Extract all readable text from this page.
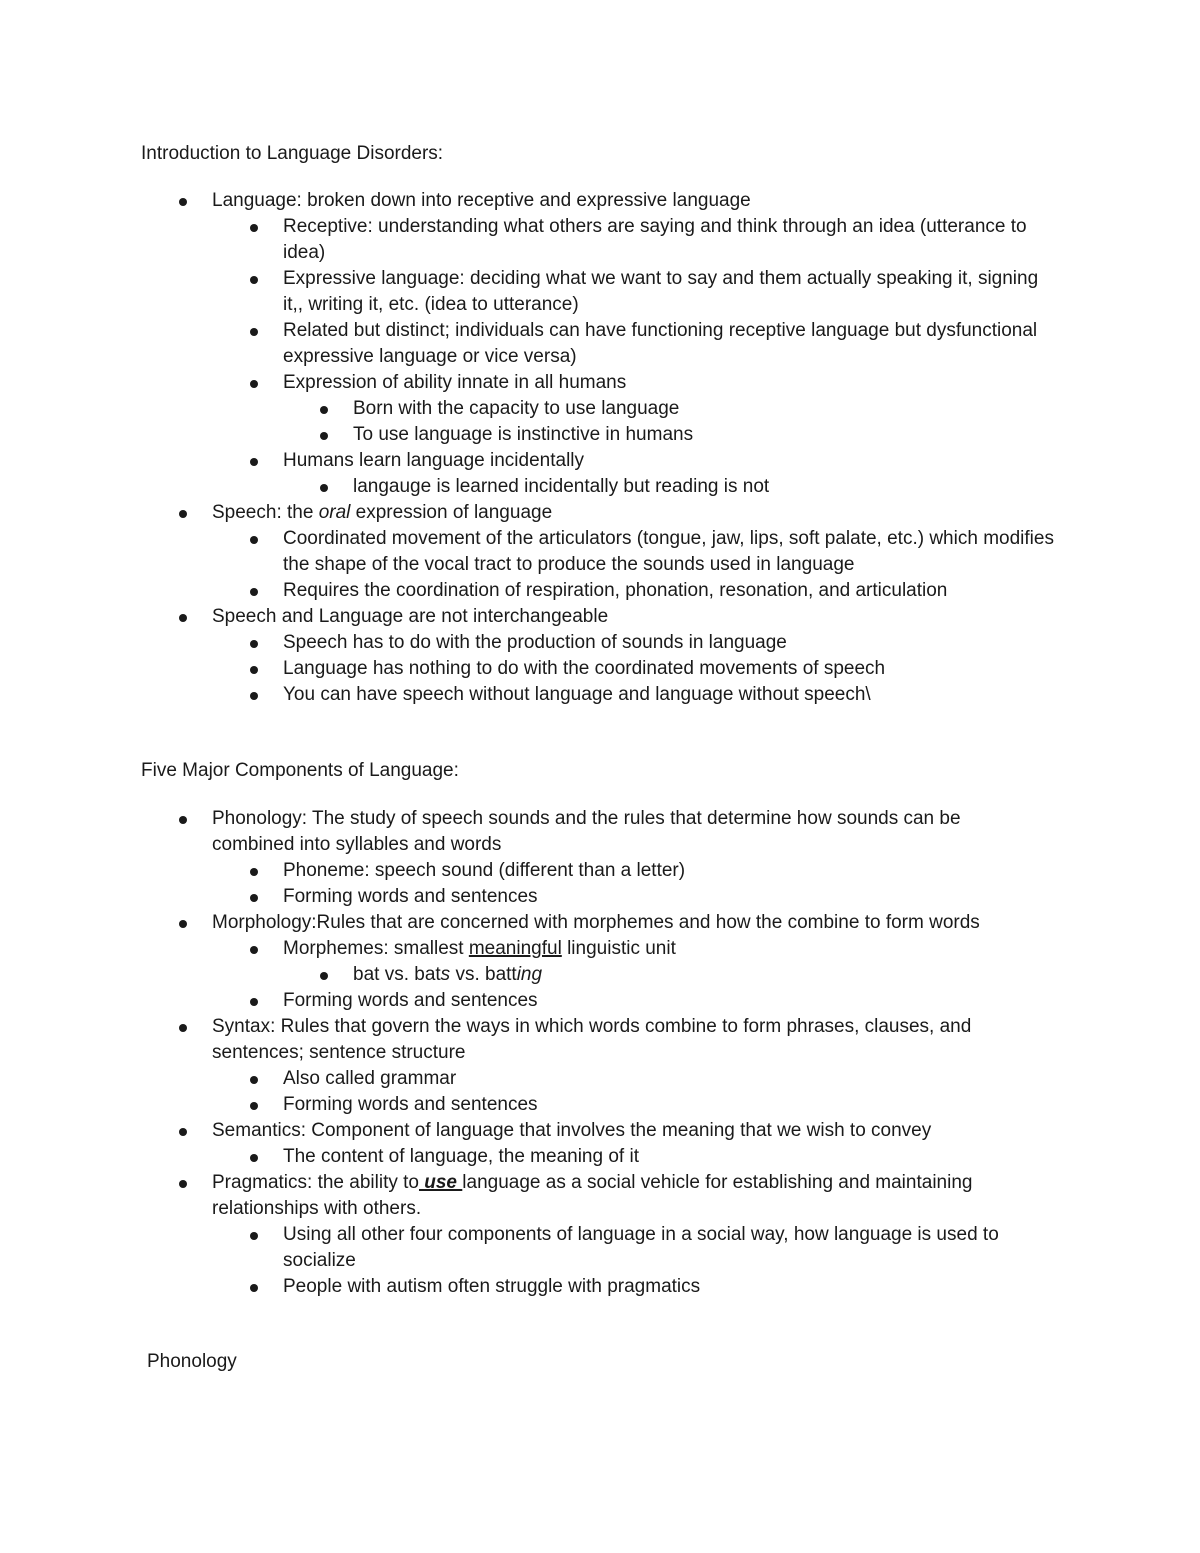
Introduction to Language Disorders:
Language: broken down into receptive and expressive language
Receptive: understanding what others are saying and think through an idea (utterance to idea)
Expressive language: deciding what we want to say and them actually speaking it, signing it,, writing it, etc. (idea to utterance)
Related but distinct; individuals can have functioning receptive language but dysfunctional expressive language or vice versa)
Expression of ability innate in all humans
Born with the capacity to use language
To use language is instinctive in humans
Humans learn language incidentally
langauge is learned incidentally but reading is not
Speech: the oral expression of language
Coordinated movement of the articulators (tongue, jaw, lips, soft palate, etc.) which modifies the shape of the vocal tract to produce the sounds used in language
Requires the coordination of respiration, phonation, resonation, and articulation
Speech and Language are not interchangeable
Speech has to do with the production of sounds in language
Language has nothing to do with the coordinated movements of speech
You can have speech without language and language without speech\
Five Major Components of Language:
Phonology: The study of speech sounds and the rules that determine how sounds can be combined into syllables and words
Phoneme: speech sound (different than a letter)
Forming words and sentences
Morphology:Rules that are concerned with morphemes and how the combine to form words
Morphemes: smallest meaningful linguistic unit
bat vs. bats vs. batting
Forming words and sentences
Syntax: Rules that govern the ways in which words combine to form phrases, clauses, and sentences; sentence structure
Also called grammar
Forming words and sentences
Semantics: Component of language that involves the meaning that we wish to convey
The content of language, the meaning of it
Pragmatics: the ability to use language as a social vehicle for establishing and maintaining relationships with others.
Using all other four components of language in a social way, how language is used to socialize
People with autism often struggle with pragmatics
Phonology
